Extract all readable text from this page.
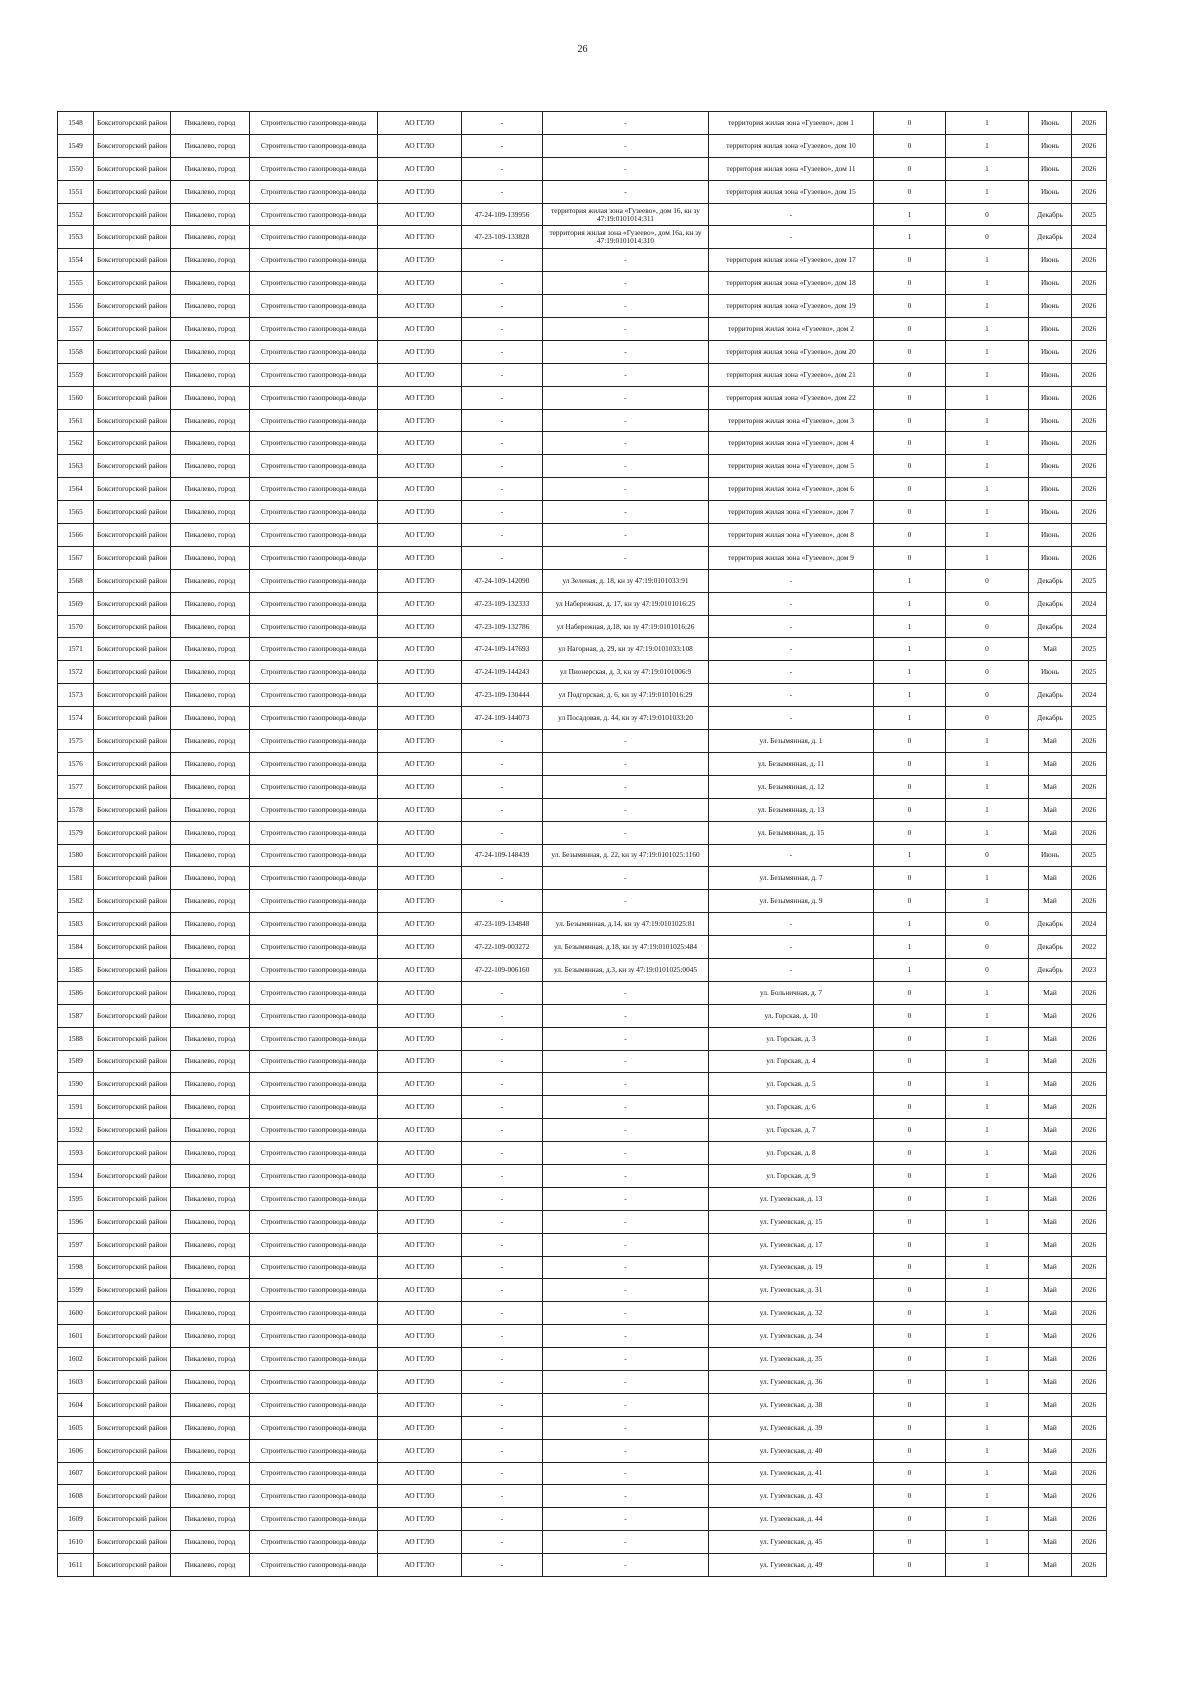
26
1548	Бокситогорский район	Пикалево, город	Строительство газопровода-ввода	АО ГГЛО	-	-	территория жилая зона «Гузеево», дом 1	0	1	Июнь	2026
1549	Бокситогорский район	Пикалево, город	Строительство газопровода-ввода	АО ГГЛО	-	-	территория жилая зона «Гузеево», дом 10	0	1	Июнь	2026
1550	Бокситогорский район	Пикалево, город	Строительство газопровода-ввода	АО ГГЛО	-	-	территория жилая зона «Гузеево», дом 11	0	1	Июнь	2026
1551	Бокситогорский район	Пикалево, город	Строительство газопровода-ввода	АО ГГЛО	-	-	территория жилая зона «Гузеево», дом 15	0	1	Июнь	2026
1552	Бокситогорский район	Пикалево, город	Строительство газопровода-ввода	АО ГГЛО	47-24-109-139956	территория жилая зона «Гузеево», дом 16, кн зу 47:19:0101014:311	-	1	0	Декабрь	2025
1553	Бокситогорский район	Пикалево, город	Строительство газопровода-ввода	АО ГГЛО	47-23-109-133828	территория жилая зона «Гузеево», дом 16а, кн зу 47:19:0101014:310	-	1	0	Декабрь	2024
1554	Бокситогорский район	Пикалево, город	Строительство газопровода-ввода	АО ГГЛО	-	-	территория жилая зона «Гузеево», дом 17	0	1	Июнь	2026
1555	Бокситогорский район	Пикалево, город	Строительство газопровода-ввода	АО ГГЛО	-	-	территория жилая зона «Гузеево», дом 18	0	1	Июнь	2026
1556	Бокситогорский район	Пикалево, город	Строительство газопровода-ввода	АО ГГЛО	-	-	территория жилая зона «Гузеево», дом 19	0	1	Июнь	2026
1557	Бокситогорский район	Пикалево, город	Строительство газопровода-ввода	АО ГГЛО	-	-	территория жилая зона «Гузеево», дом 2	0	1	Июнь	2026
1558	Бокситогорский район	Пикалево, город	Строительство газопровода-ввода	АО ГГЛО	-	-	территория жилая зона «Гузеево», дом 20	0	1	Июнь	2026
1559	Бокситогорский район	Пикалево, город	Строительство газопровода-ввода	АО ГГЛО	-	-	территория жилая зона «Гузеево», дом 21	0	1	Июнь	2026
1560	Бокситогорский район	Пикалево, город	Строительство газопровода-ввода	АО ГГЛО	-	-	территория жилая зона «Гузеево», дом 22	0	1	Июнь	2026
1561	Бокситогорский район	Пикалево, город	Строительство газопровода-ввода	АО ГГЛО	-	-	территория жилая зона «Гузеево», дом 3	0	1	Июнь	2026
1562	Бокситогорский район	Пикалево, город	Строительство газопровода-ввода	АО ГГЛО	-	-	территория жилая зона «Гузеево», дом 4	0	1	Июнь	2026
1563	Бокситогорский район	Пикалево, город	Строительство газопровода-ввода	АО ГГЛО	-	-	территория жилая зона «Гузеево», дом 5	0	1	Июнь	2026
1564	Бокситогорский район	Пикалево, город	Строительство газопровода-ввода	АО ГГЛО	-	-	территория жилая зона «Гузеево», дом 6	0	1	Июнь	2026
1565	Бокситогорский район	Пикалево, город	Строительство газопровода-ввода	АО ГГЛО	-	-	территория жилая зона «Гузеево», дом 7	0	1	Июнь	2026
1566	Бокситогорский район	Пикалево, город	Строительство газопровода-ввода	АО ГГЛО	-	-	территория жилая зона «Гузеево», дом 8	0	1	Июнь	2026
1567	Бокситогорский район	Пикалево, город	Строительство газопровода-ввода	АО ГГЛО	-	-	территория жилая зона «Гузеево», дом 9	0	1	Июнь	2026
1568	Бокситогорский район	Пикалево, город	Строительство газопровода-ввода	АО ГГЛО	47-24-109-142090	ул Зеленая, д. 18, кн зу 47:19:0101033:91	-	1	0	Декабрь	2025
1569	Бокситогорский район	Пикалево, город	Строительство газопровода-ввода	АО ГГЛО	47-23-109-132333	ул Набережная, д. 17, кн зу 47:19:0101016:25	-	1	0	Декабрь	2024
1570	Бокситогорский район	Пикалево, город	Строительство газопровода-ввода	АО ГГЛО	47-23-109-132786	ул Набережная, д.18, кн зу 47:19:0101016:26	-	1	0	Декабрь	2024
1571	Бокситогорский район	Пикалево, город	Строительство газопровода-ввода	АО ГГЛО	47-24-109-147693	ул Нагорная, д. 29, кн зу 47:19:0101033:108	-	1	0	Май	2025
1572	Бокситогорский район	Пикалево, город	Строительство газопровода-ввода	АО ГГЛО	47-24-109-144243	ул Пионерская, д. 3, кн зу 47:19:0101006:9	-	1	0	Июнь	2025
1573	Бокситогорский район	Пикалево, город	Строительство газопровода-ввода	АО ГГЛО	47-23-109-130444	ул Подгорская, д. 6, кн зу 47:19:0101016:29	-	1	0	Декабрь	2024
1574	Бокситогорский район	Пикалево, город	Строительство газопровода-ввода	АО ГГЛО	47-24-109-144073	ул Посадовая, д. 44, кн зу 47:19:0101033:20	-	1	0	Декабрь	2025
1575	Бокситогорский район	Пикалево, город	Строительство газопровода-ввода	АО ГГЛО	-	-	ул. Безымянная, д. 1	0	1	Май	2026
1576	Бокситогорский район	Пикалево, город	Строительство газопровода-ввода	АО ГГЛО	-	-	ул. Безымянная, д. 11	0	1	Май	2026
1577	Бокситогорский район	Пикалево, город	Строительство газопровода-ввода	АО ГГЛО	-	-	ул. Безымянная, д. 12	0	1	Май	2026
1578	Бокситогорский район	Пикалево, город	Строительство газопровода-ввода	АО ГГЛО	-	-	ул. Безымянная, д. 13	0	1	Май	2026
1579	Бокситогорский район	Пикалево, город	Строительство газопровода-ввода	АО ГГЛО	-	-	ул. Безымянная, д. 15	0	1	Май	2026
1580	Бокситогорский район	Пикалево, город	Строительство газопровода-ввода	АО ГГЛО	47-24-109-148439	ул. Безымянная, д. 22, кн зу 47:19:0101025:1160	-	1	0	Июнь	2025
1581	Бокситогорский район	Пикалево, город	Строительство газопровода-ввода	АО ГГЛО	-	-	ул. Безымянная, д. 7	0	1	Май	2026
1582	Бокситогорский район	Пикалево, город	Строительство газопровода-ввода	АО ГГЛО	-	-	ул. Безымянная, д. 9	0	1	Май	2026
1583	Бокситогорский район	Пикалево, город	Строительство газопровода-ввода	АО ГГЛО	47-23-109-134848	ул. Безымянная, д.14, кн зу 47:19:0101025:81	-	1	0	Декабрь	2024
1584	Бокситогорский район	Пикалево, город	Строительство газопровода-ввода	АО ГГЛО	47-22-109-003272	ул. Безымянная, д.18, кн зу 47:19:0101025:484	-	1	0	Декабрь	2022
1585	Бокситогорский район	Пикалево, город	Строительство газопровода-ввода	АО ГГЛО	47-22-109-006160	ул. Безымянная, д.3, кн зу 47:19:0101025:0045	-	1	0	Декабрь	2023
1586	Бокситогорский район	Пикалево, город	Строительство газопровода-ввода	АО ГГЛО	-	-	ул. Больничная, д. 7	0	1	Май	2026
1587	Бокситогорский район	Пикалево, город	Строительство газопровода-ввода	АО ГГЛО	-	-	ул. Горская, д. 10	0	1	Май	2026
1588	Бокситогорский район	Пикалево, город	Строительство газопровода-ввода	АО ГГЛО	-	-	ул. Горская, д. 3	0	1	Май	2026
1589	Бокситогорский район	Пикалево, город	Строительство газопровода-ввода	АО ГГЛО	-	-	ул. Горская, д. 4	0	1	Май	2026
1590	Бокситогорский район	Пикалево, город	Строительство газопровода-ввода	АО ГГЛО	-	-	ул. Горская, д. 5	0	1	Май	2026
1591	Бокситогорский район	Пикалево, город	Строительство газопровода-ввода	АО ГГЛО	-	-	ул. Горская, д. 6	0	1	Май	2026
1592	Бокситогорский район	Пикалево, город	Строительство газопровода-ввода	АО ГГЛО	-	-	ул. Горская, д. 7	0	1	Май	2026
1593	Бокситогорский район	Пикалево, город	Строительство газопровода-ввода	АО ГГЛО	-	-	ул. Горская, д. 8	0	1	Май	2026
1594	Бокситогорский район	Пикалево, город	Строительство газопровода-ввода	АО ГГЛО	-	-	ул. Горская, д. 9	0	1	Май	2026
1595	Бокситогорский район	Пикалево, город	Строительство газопровода-ввода	АО ГГЛО	-	-	ул. Гузеевская, д. 13	0	1	Май	2026
1596	Бокситогорский район	Пикалево, город	Строительство газопровода-ввода	АО ГГЛО	-	-	ул. Гузеевская, д. 15	0	1	Май	2026
1597	Бокситогорский район	Пикалево, город	Строительство газопровода-ввода	АО ГГЛО	-	-	ул. Гузеевская, д. 17	0	1	Май	2026
1598	Бокситогорский район	Пикалево, город	Строительство газопровода-ввода	АО ГГЛО	-	-	ул. Гузеевская, д. 19	0	1	Май	2026
1599	Бокситогорский район	Пикалево, город	Строительство газопровода-ввода	АО ГГЛО	-	-	ул. Гузеевская, д. 31	0	1	Май	2026
1600	Бокситогорский район	Пикалево, город	Строительство газопровода-ввода	АО ГГЛО	-	-	ул. Гузеевская, д. 32	0	1	Май	2026
1601	Бокситогорский район	Пикалево, город	Строительство газопровода-ввода	АО ГГЛО	-	-	ул. Гузеевская, д. 34	0	1	Май	2026
1602	Бокситогорский район	Пикалево, город	Строительство газопровода-ввода	АО ГГЛО	-	-	ул. Гузеевская, д. 35	0	1	Май	2026
1603	Бокситогорский район	Пикалево, город	Строительство газопровода-ввода	АО ГГЛО	-	-	ул. Гузеевская, д. 36	0	1	Май	2026
1604	Бокситогорский район	Пикалево, город	Строительство газопровода-ввода	АО ГГЛО	-	-	ул. Гузеевская, д. 38	0	1	Май	2026
1605	Бокситогорский район	Пикалево, город	Строительство газопровода-ввода	АО ГГЛО	-	-	ул. Гузеевская, д. 39	0	1	Май	2026
1606	Бокситогорский район	Пикалево, город	Строительство газопровода-ввода	АО ГГЛО	-	-	ул. Гузеевская, д. 40	0	1	Май	2026
1607	Бокситогорский район	Пикалево, город	Строительство газопровода-ввода	АО ГГЛО	-	-	ул. Гузеевская, д. 41	0	1	Май	2026
1608	Бокситогорский район	Пикалево, город	Строительство газопровода-ввода	АО ГГЛО	-	-	ул. Гузеевская, д. 43	0	1	Май	2026
1609	Бокситогорский район	Пикалево, город	Строительство газопровода-ввода	АО ГГЛО	-	-	ул. Гузеевская, д. 44	0	1	Май	2026
1610	Бокситогорский район	Пикалево, город	Строительство газопровода-ввода	АО ГГЛО	-	-	ул. Гузеевская, д. 45	0	1	Май	2026
1611	Бокситогорский район	Пикалево, город	Строительство газопровода-ввода	АО ГГЛО	-	-	ул. Гузеевская, д. 49	0	1	Май	2026
